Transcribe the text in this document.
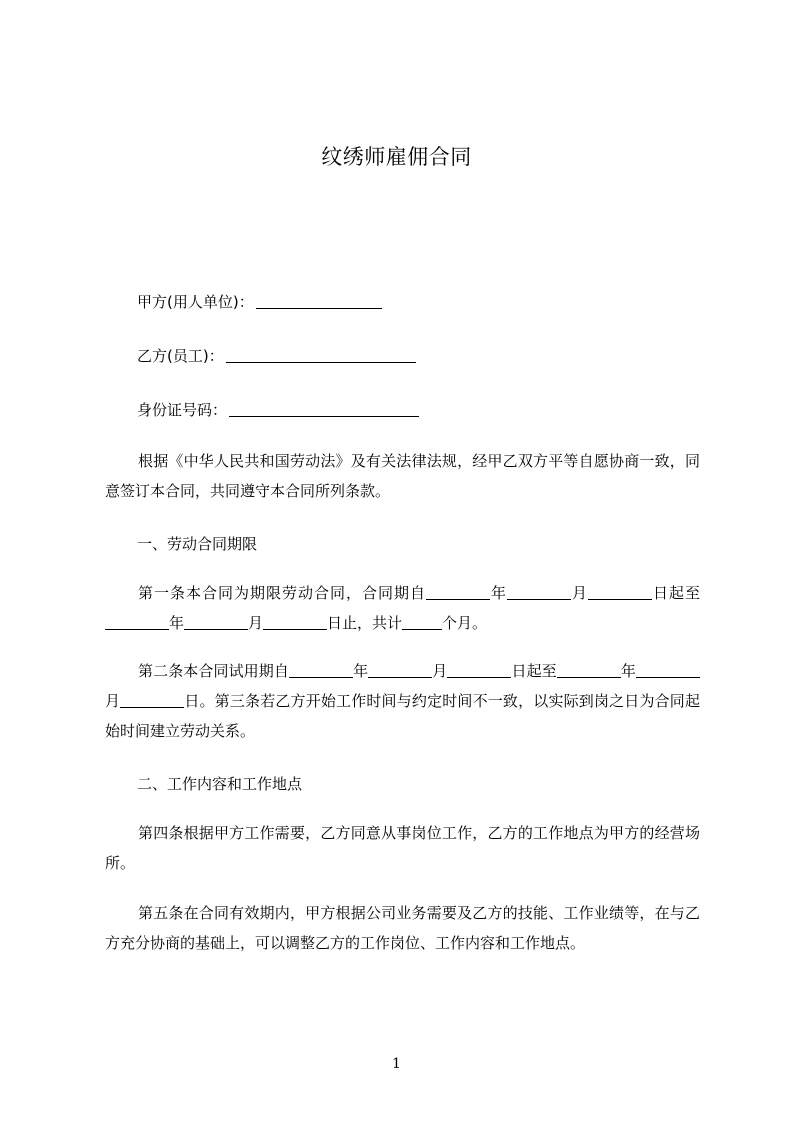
纹绣师雇佣合同
甲方(用人单位)：
乙方(员工)：
身份证号码：
根据《中华人民共和国劳动法》及有关法律法规，经甲乙双方平等自愿协商一致，同意签订本合同，共同遵守本合同所列条款。
一、劳动合同期限
第一条本合同为期限劳动合同，合同期自	年	月	日起至年	月	日止，共计	个月。
第二条本合同试用期自	年	月	日起至	年月	日。第三条若乙方开始工作时间与约定时间不一致，以实际到岗之日为合同起始时间建立劳动关系。
二、工作内容和工作地点
第四条根据甲方工作需要，乙方同意从事岗位工作，乙方的工作地点为甲方的经营场所。
第五条在合同有效期内，甲方根据公司业务需要及乙方的技能、工作业绩等，在与乙方充分协商的基础上，可以调整乙方的工作岗位、工作内容和工作地点。
1
